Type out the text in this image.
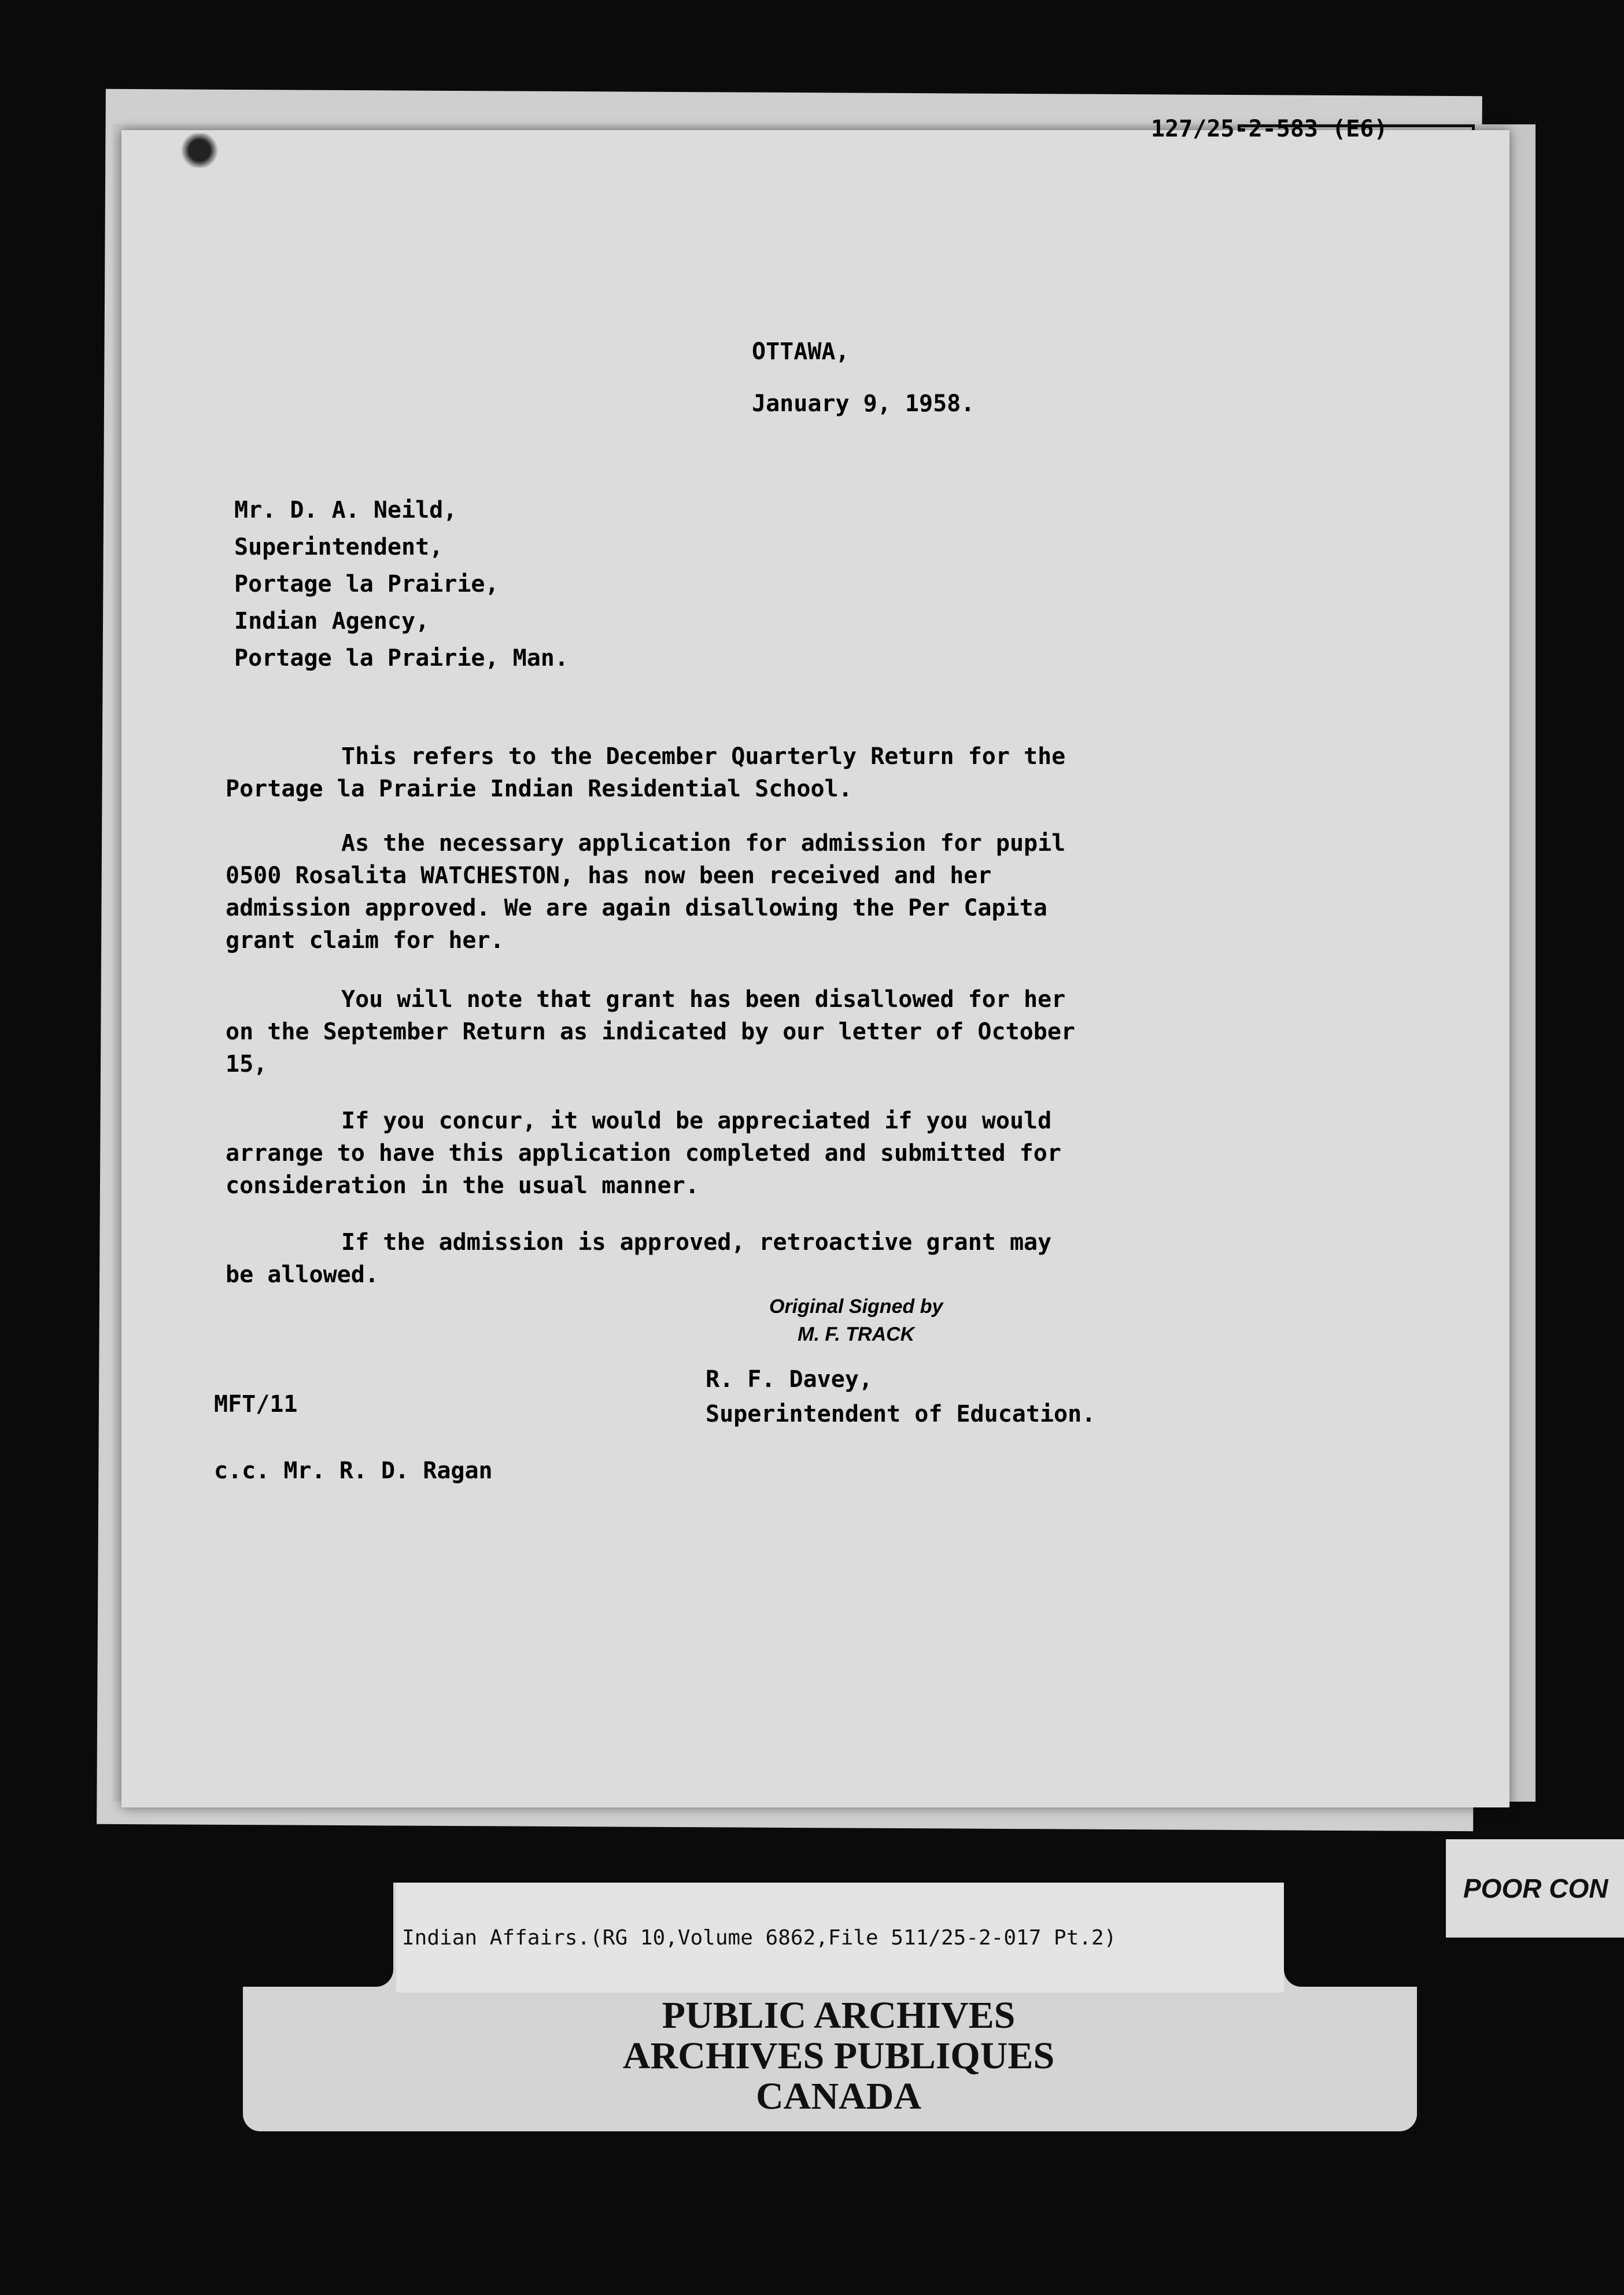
127/25-2-583 (E6)
OTTAWA,
January 9, 1958.
Mr. D. A. Neild,
Superintendent,
Portage la Prairie,
Indian Agency,
Portage la Prairie, Man.
This refers to the December Quarterly Return for the Portage la Prairie Indian Residential School.
As the necessary application for admission for pupil 0500 Rosalita WATCHESTON, has now been received and her admission approved. We are again disallowing the Per Capita grant claim for her.
You will note that grant has been disallowed for her on the September Return as indicated by our letter of October 15,
If you concur, it would be appreciated if you would arrange to have this application completed and submitted for consideration in the usual manner.
If the admission is approved, retroactive grant may be allowed.
Original Signed by
M. F. TRACK
R. F. Davey,
Superintendent of Education.
MFT/11
c.c. Mr. R. D. Ragan
Indian Affairs.(RG 10,Volume 6862,File 511/25-2-017 Pt.2)
PUBLIC ARCHIVES
ARCHIVES PUBLIQUES
CANADA
POOR CON
